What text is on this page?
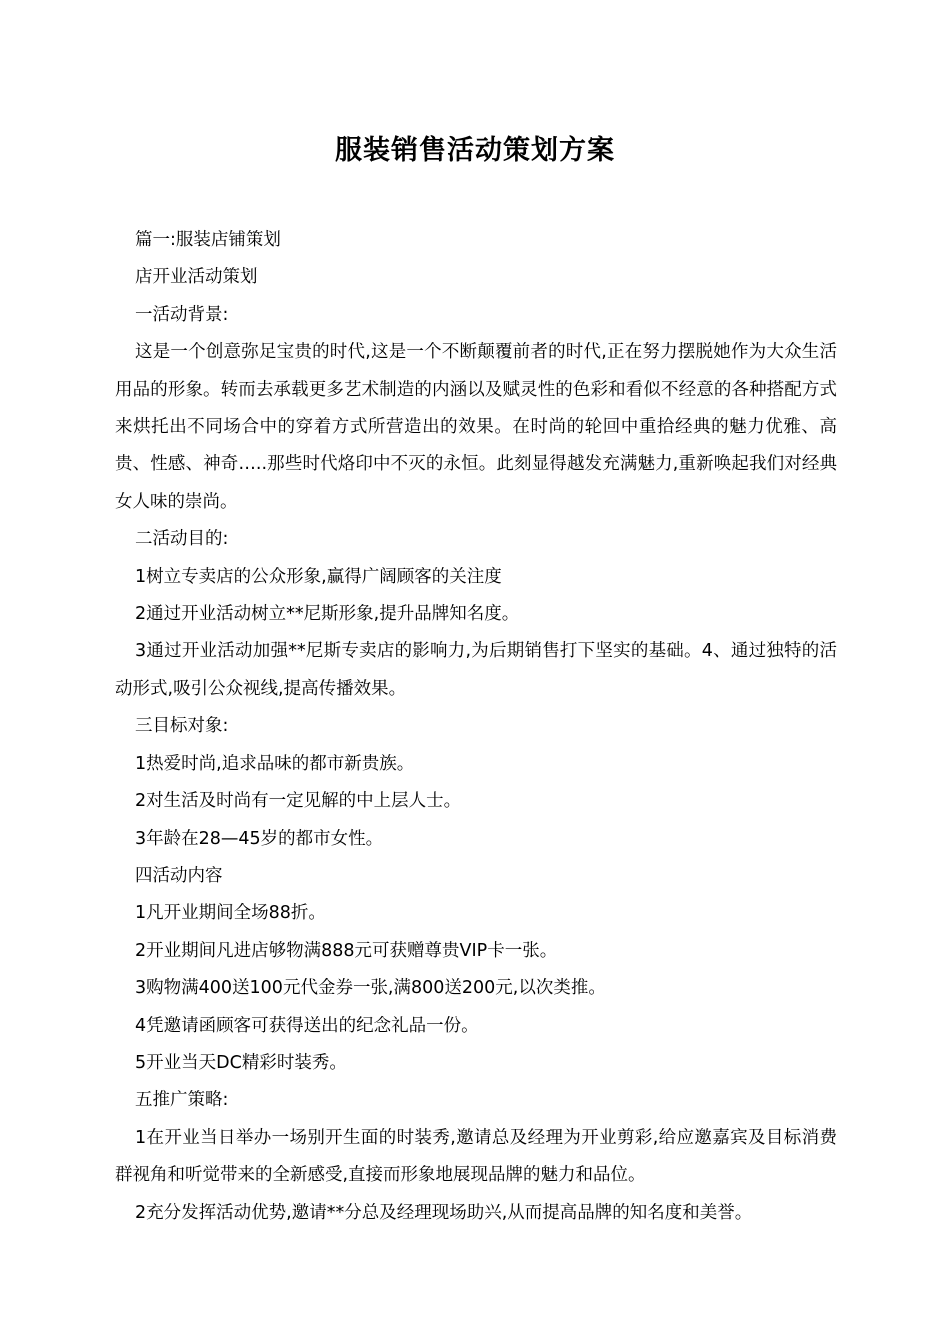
服装销售活动策划方案

篇一:服装店铺策划

店开业活动策划

一活动背景:

这是一个创意弥足宝贵的时代,这是一个不断颠覆前者的时代,正在努力摆脱她作为大众生活用品的形象。转而去承载更多艺术制造的内涵以及赋灵性的色彩和看似不经意的各种搭配方式来烘托出不同场合中的穿着方式所营造出的效果。在时尚的轮回中重拾经典的魅力优雅、高贵、性感、神奇…..那些时代烙印中不灭的永恒。此刻显得越发充满魅力,重新唤起我们对经典女人味的崇尚。

二活动目的:

1树立专卖店的公众形象,赢得广阔顾客的关注度

2通过开业活动树立**尼斯形象,提升品牌知名度。

3通过开业活动加强**尼斯专卖店的影响力,为后期销售打下坚实的基础。4、通过独特的活动形式,吸引公众视线,提高传播效果。

三目标对象:

1热爱时尚,追求品味的都市新贵族。

2对生活及时尚有一定见解的中上层人士。

3年龄在28—45岁的都市女性。

四活动内容

1凡开业期间全场88折。

2开业期间凡进店够物满888元可获赠尊贵VIP卡一张。

3购物满400送100元代金券一张,满800送200元,以次类推。

4凭邀请函顾客可获得送出的纪念礼品一份。

5开业当天DC精彩时装秀。

五推广策略:

1在开业当日举办一场别开生面的时装秀,邀请总及经理为开业剪彩,给应邀嘉宾及目标消费群视角和听觉带来的全新感受,直接而形象地展现品牌的魅力和品位。

2充分发挥活动优势,邀请**分总及经理现场助兴,从而提高品牌的知名度和美誉。
